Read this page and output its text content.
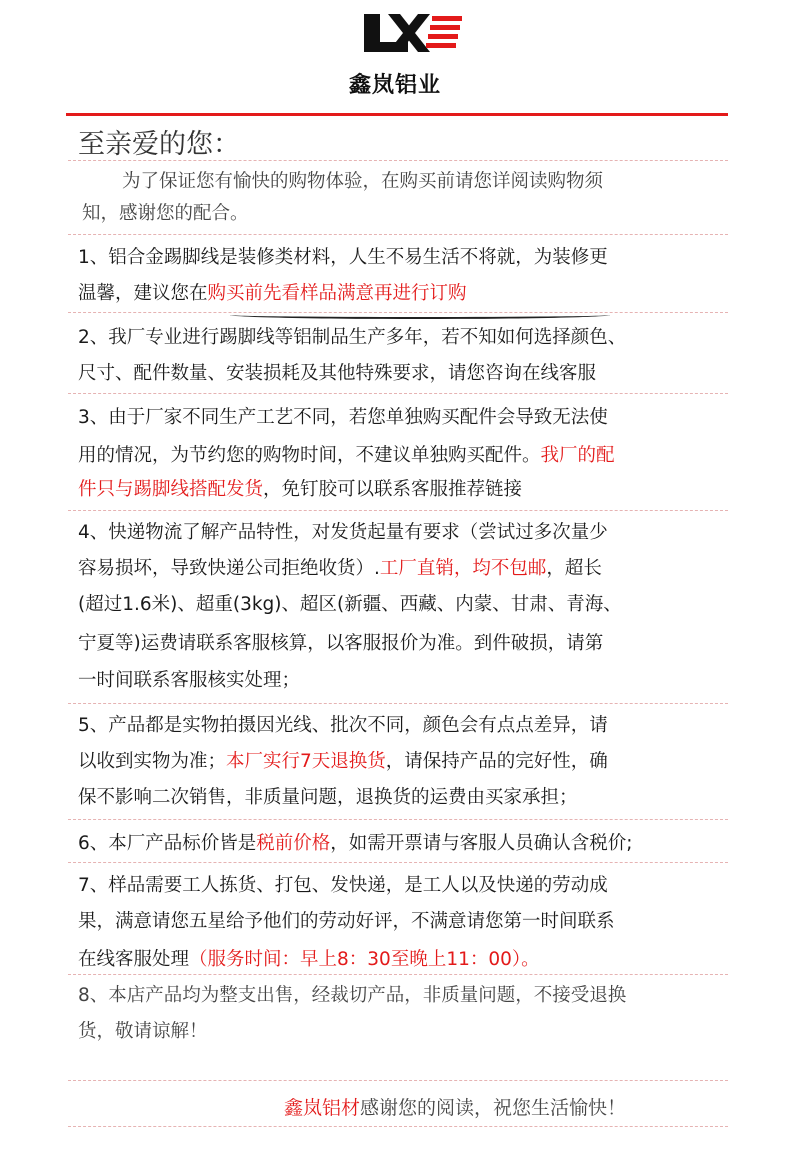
鑫岚铝业
至亲爱的您：
为了保证您有愉快的购物体验，在购买前请您详阅读购物须
知，感谢您的配合。
1、铝合金踢脚线是装修类材料，人生不易生活不将就，为装修更
温馨，建议您在购买前先看样品满意再进行订购
2、我厂专业进行踢脚线等铝制品生产多年，若不知如何选择颜色、
尺寸、配件数量、安装损耗及其他特殊要求，请您咨询在线客服
3、由于厂家不同生产工艺不同，若您单独购买配件会导致无法使
用的情况，为节约您的购物时间，不建议单独购买配件。我厂的配
件只与踢脚线搭配发货，免钉胶可以联系客服推荐链接
4、快递物流了解产品特性，对发货起量有要求（尝试过多次量少
容易损坏，导致快递公司拒绝收货）.工厂直销，均不包邮，超长
(超过1.6米)、超重(3kg)、超区(新疆、西藏、内蒙、甘肃、青海、
宁夏等)运费请联系客服核算，以客服报价为准。到件破损，请第
一时间联系客服核实处理；
5、产品都是实物拍摄因光线、批次不同，颜色会有点点差异，请
以收到实物为准；本厂实行7天退换货，请保持产品的完好性，确
保不影响二次销售，非质量问题，退换货的运费由买家承担；
6、本厂产品标价皆是税前价格，如需开票请与客服人员确认含税价;
7、样品需要工人拣货、打包、发快递，是工人以及快递的劳动成
果，满意请您五星给予他们的劳动好评，不满意请您第一时间联系
在线客服处理（服务时间：早上8：30至晚上11：00）。
8、本店产品均为整支出售，经裁切产品，非质量问题，不接受退换
货，敬请谅解！
鑫岚铝材感谢您的阅读，祝您生活愉快！
